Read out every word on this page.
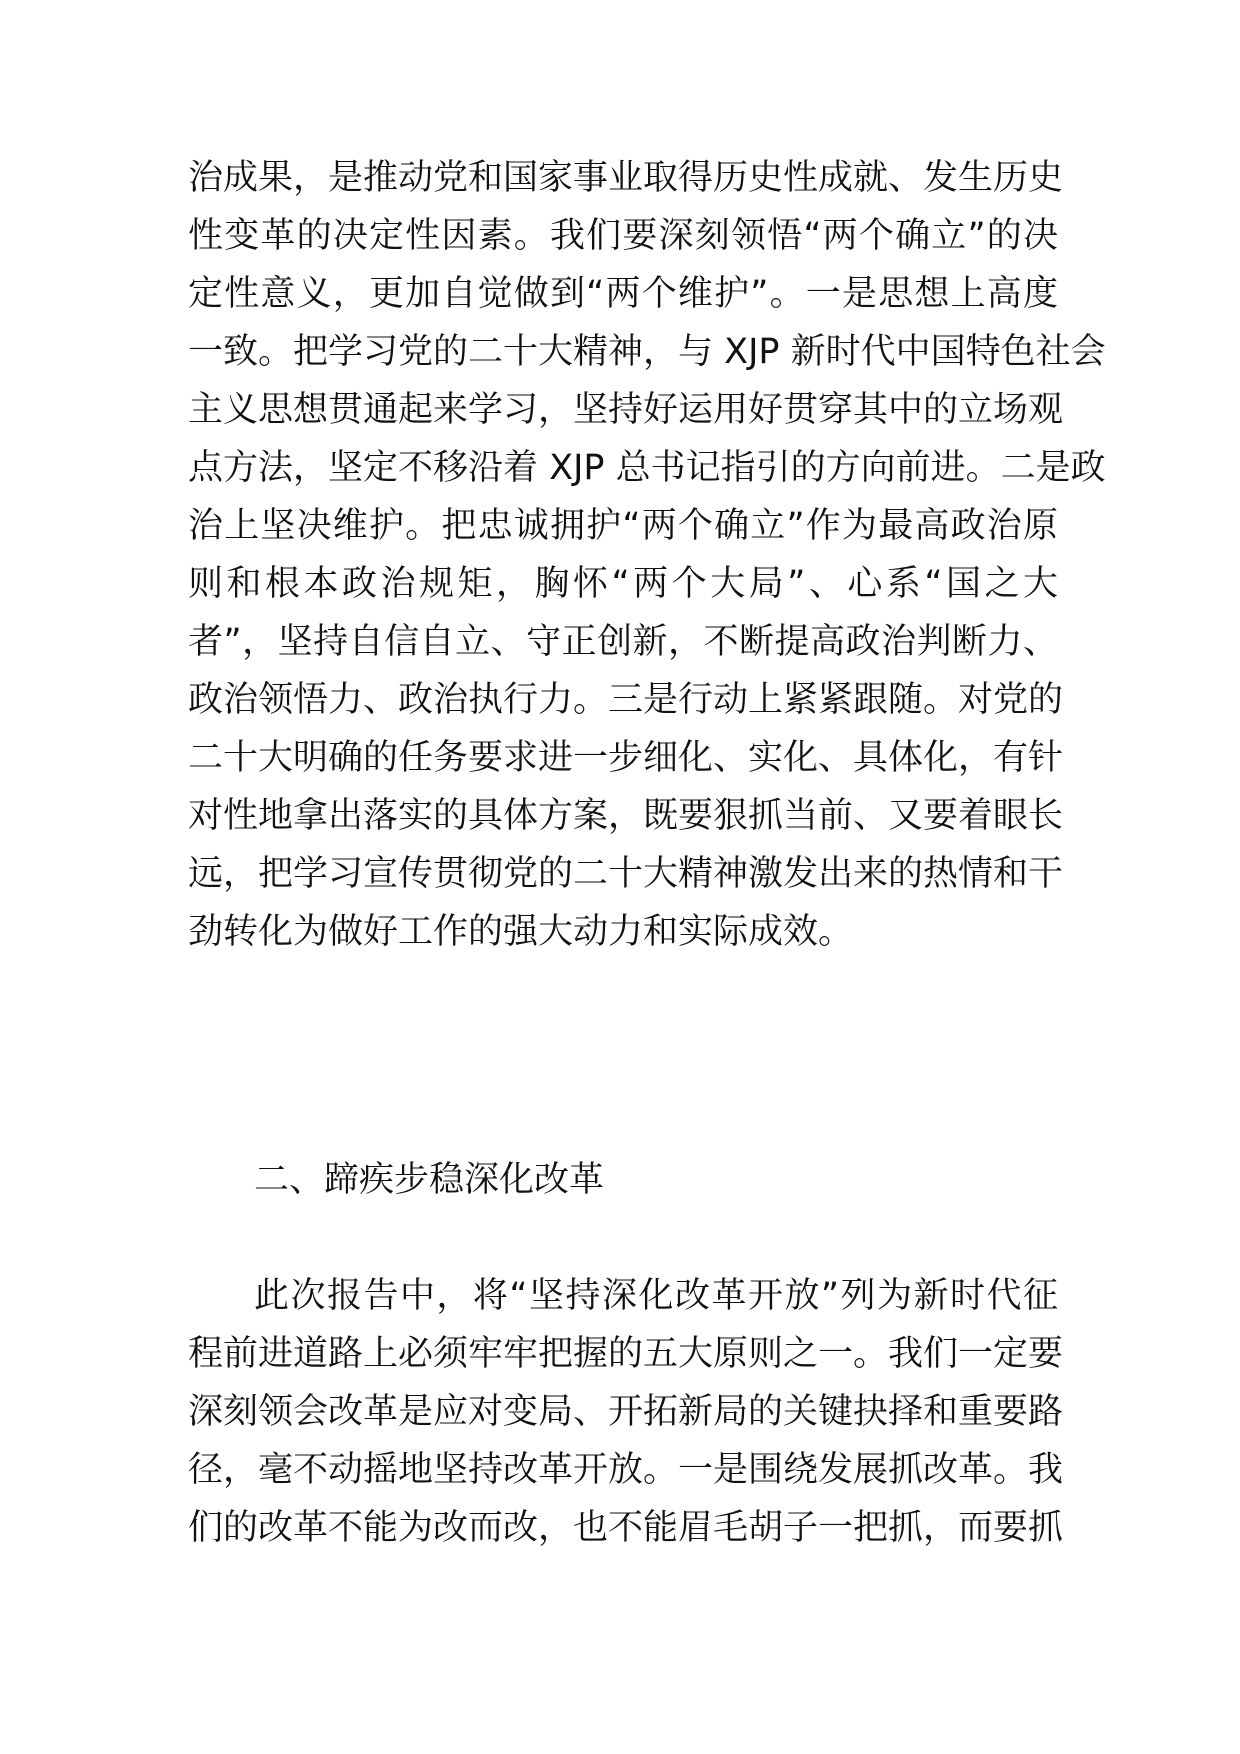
治成果，是推动党和国家事业取得历史性成就、发生历史
性变革的决定性因素。我们要深刻领悟“两个确立”的决
定性意义，更加自觉做到“两个维护”。一是思想上高度
一致。把学习党的二十大精神，与 XJP 新时代中国特色社会
主义思想贯通起来学习，坚持好运用好贯穿其中的立场观
点方法，坚定不移沿着 XJP 总书记指引的方向前进。二是政
治上坚决维护。把忠诚拥护“两个确立”作为最高政治原
则和根本政治规矩，胸怀“两个大局”、心系“国之大
者”，坚持自信自立、守正创新，不断提高政治判断力、
政治领悟力、政治执行力。三是行动上紧紧跟随。对党的
二十大明确的任务要求进一步细化、实化、具体化，有针
对性地拿出落实的具体方案，既要狠抓当前、又要着眼长
远，把学习宣传贯彻党的二十大精神激发出来的热情和干
劲转化为做好工作的强大动力和实际成效。
二、蹄疾步稳深化改革
此次报告中，将“坚持深化改革开放”列为新时代征
程前进道路上必须牢牢把握的五大原则之一。我们一定要
深刻领会改革是应对变局、开拓新局的关键抉择和重要路
径，毫不动摇地坚持改革开放。一是围绕发展抓改革。我
们的改革不能为改而改，也不能眉毛胡子一把抓，而要抓
